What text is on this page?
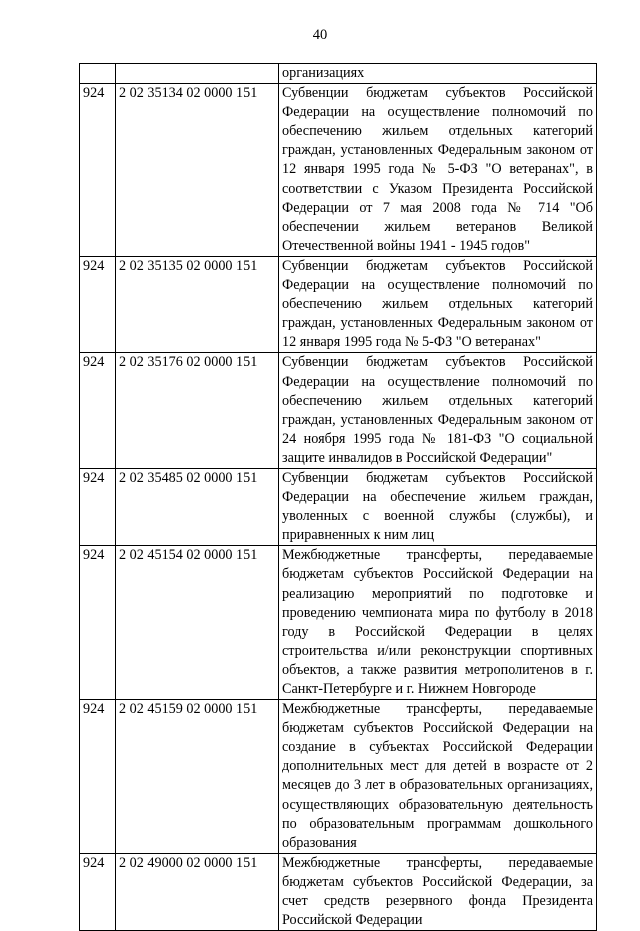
40
		организациях
924	2 02 35134 02 0000 151	Субвенции бюджетам субъектов Российской Федерации на осуществление полномочий по обеспечению жильем отдельных категорий граждан, установленных Федеральным законом от 12 января 1995 года № 5-ФЗ "О ветеранах", в соответствии с Указом Президента Российской Федерации от 7 мая 2008 года № 714 "Об обеспечении жильем ветеранов Великой Отечественной войны 1941 - 1945 годов"
924	2 02 35135 02 0000 151	Субвенции бюджетам субъектов Российской Федерации на осуществление полномочий по обеспечению жильем отдельных категорий граждан, установленных Федеральным законом от 12 января 1995 года № 5-ФЗ "О ветеранах"
924	2 02 35176 02 0000 151	Субвенции бюджетам субъектов Российской Федерации на осуществление полномочий по обеспечению жильем отдельных категорий граждан, установленных Федеральным законом от 24 ноября 1995 года № 181-ФЗ "О социальной защите инвалидов в Российской Федерации"
924	2 02 35485 02 0000 151	Субвенции бюджетам субъектов Российской Федерации на обеспечение жильем граждан, уволенных с военной службы (службы), и приравненных к ним лиц
924	2 02 45154 02 0000 151	Межбюджетные трансферты, передаваемые бюджетам субъектов Российской Федерации на реализацию мероприятий по подготовке и проведению чемпионата мира по футболу в 2018 году в Российской Федерации в целях строительства и/или реконструкции спортивных объектов, а также развития метрополитенов в г. Санкт-Петербурге и г. Нижнем Новгороде
924	2 02 45159 02 0000 151	Межбюджетные трансферты, передаваемые бюджетам субъектов Российской Федерации на создание в субъектах Российской Федерации дополнительных мест для детей в возрасте от 2 месяцев до 3 лет в образовательных организациях, осуществляющих образовательную деятельность по образовательным программам дошкольного образования
924	2 02 49000 02 0000 151	Межбюджетные трансферты, передаваемые бюджетам субъектов Российской Федерации, за счет средств резервного фонда Президента Российской Федерации
